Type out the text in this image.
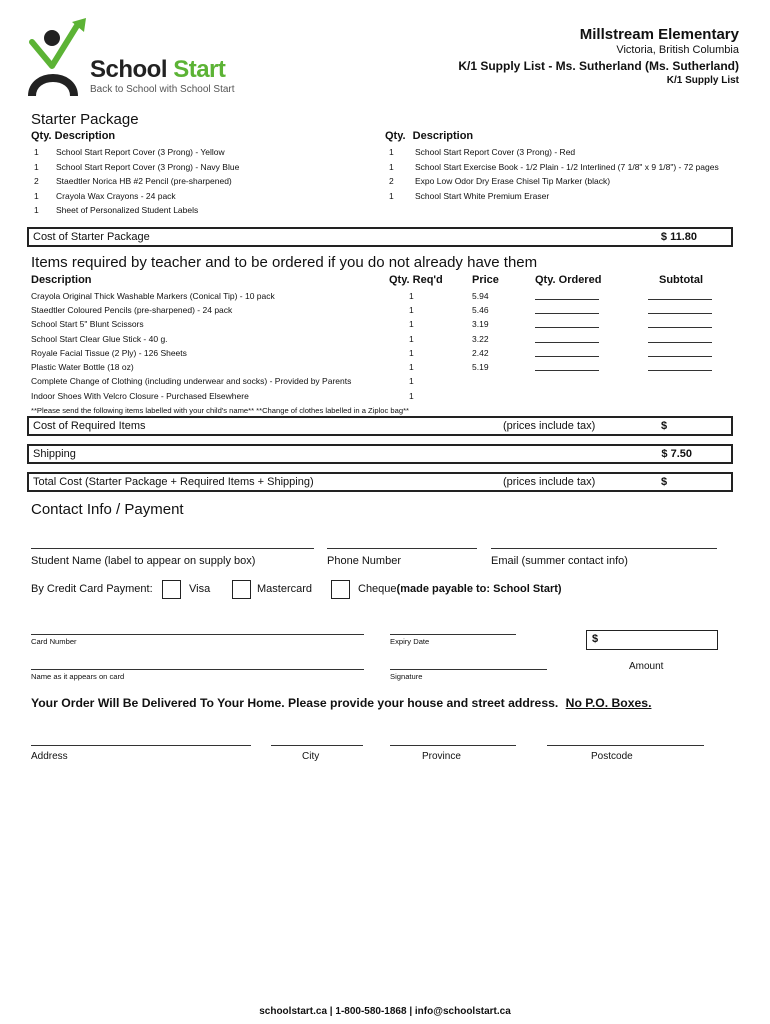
School Start
Back to School with School Start
Millstream Elementary
Victoria, British Columbia
K/1 Supply List - Ms. Sutherland (Ms. Sutherland)
K/1 Supply List
Starter Package
Qty. Description	Qty. Description
1 School Start Report Cover (3 Prong) - Yellow
1 School Start Report Cover (3 Prong) - Navy Blue
2 Staedtler Norica HB #2 Pencil (pre-sharpened)
1 Crayola Wax Crayons - 24 pack
1 Sheet of Personalized Student Labels
1	School Start Report Cover (3 Prong) - Red
1	School Start Exercise Book - 1/2 Plain - 1/2 Interlined (7 1/8" x 9 1/8") - 72 pages
2	Expo Low Odor Dry Erase Chisel Tip Marker (black)
1	School Start White Premium Eraser
Cost of Starter Package	$ 11.80
Items required by teacher and to be ordered if you do not already have them
Description	Qty. Req'd	Price	Qty. Ordered	Subtotal
Crayola Original Thick Washable Markers (Conical Tip) - 10 pack	1	5.94
Staedtler Coloured Pencils (pre-sharpened) - 24 pack	1	5.46
School Start 5" Blunt Scissors	1	3.19
School Start Clear Glue Stick - 40 g.	1	3.22
Royale Facial Tissue (2 Ply) - 126 Sheets	1	2.42
Plastic Water Bottle (18 oz)	1	5.19
Complete Change of Clothing (including underwear and socks) - Provided by Parents	1
Indoor Shoes With Velcro Closure - Purchased Elsewhere	1
**Please send the following items labelled with your child's name** **Change of clothes labelled in a Ziploc bag**
Cost of Required Items	(prices include tax)	$
Shipping	$ 7.50
Total Cost (Starter Package + Required Items + Shipping)	(prices include tax)	$
Contact Info / Payment
Student Name (label to appear on supply box)	Phone Number	Email (summer contact info)
By Credit Card Payment:	Visa	Mastercard	Cheque(made payable to: School Start)
Card Number	Expiry Date	$
Amount
Name as it appears on card	Signature
Your Order Will Be Delivered To Your Home. Please provide your house and street address. No P.O. Boxes.
Address	City	Province	Postcode
schoolstart.ca | 1-800-580-1868 | info@schoolstart.ca
